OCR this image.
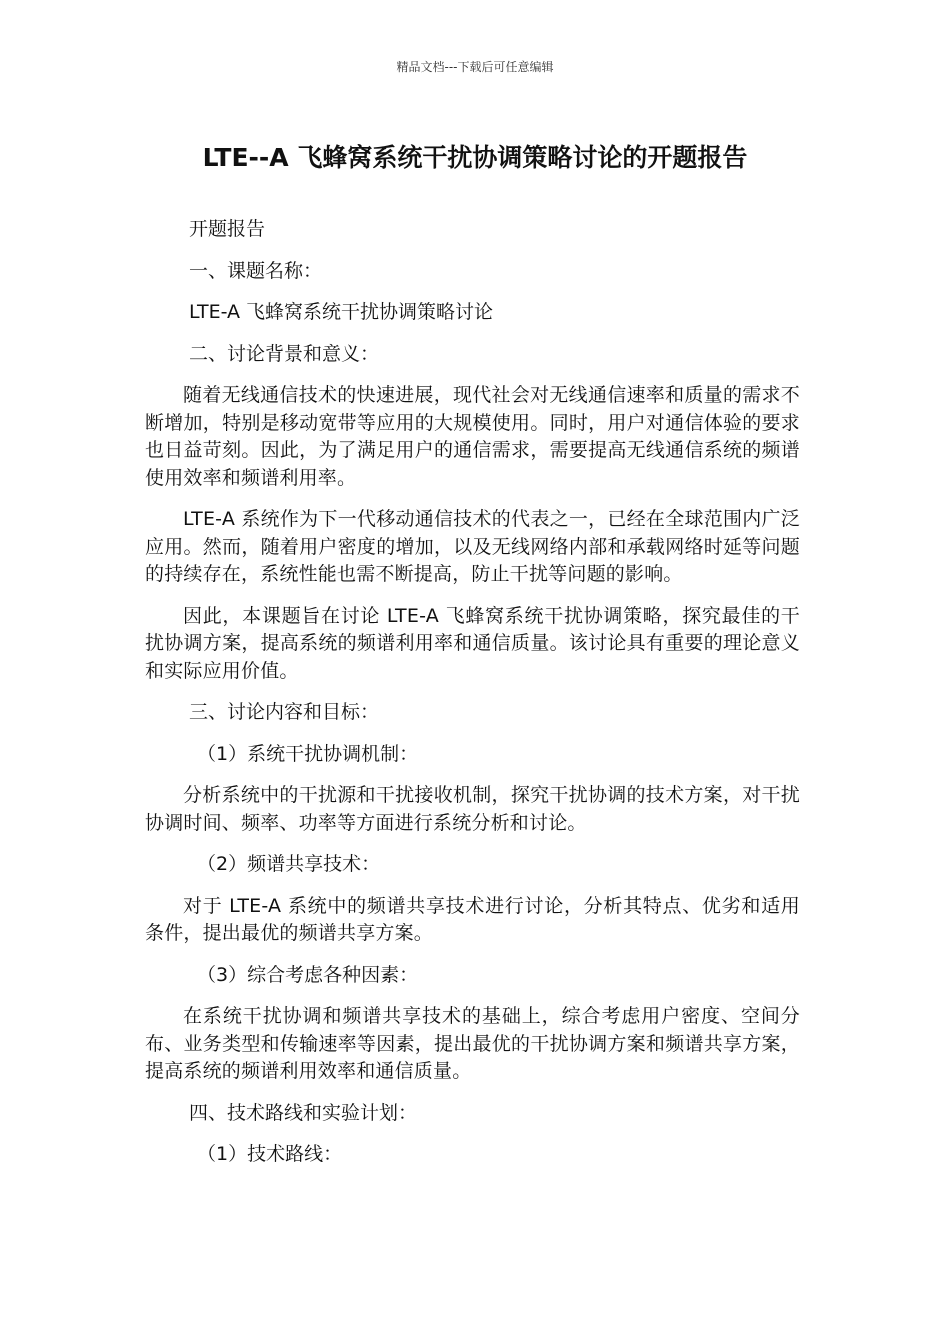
精品文档---下载后可任意编辑
LTE--A 飞蜂窝系统干扰协调策略讨论的开题报告
开题报告
一、课题名称：
LTE-A 飞蜂窝系统干扰协调策略讨论
二、讨论背景和意义：

随着无线通信技术的快速进展，现代社会对无线通信速率和质量的需求不断增加，特别是移动宽带等应用的大规模使用。同时，用户对通信体验的要求也日益苛刻。因此，为了满足用户的通信需求，需要提高无线通信系统的频谱使用效率和频谱利用率。

LTE-A 系统作为下一代移动通信技术的代表之一，已经在全球范围内广泛应用。然而，随着用户密度的增加，以及无线网络内部和承载网络时延等问题的持续存在，系统性能也需不断提高，防止干扰等问题的影响。

因此，本课题旨在讨论 LTE-A 飞蜂窝系统干扰协调策略，探究最佳的干扰协调方案，提高系统的频谱利用率和通信质量。该讨论具有重要的理论意义和实际应用价值。

三、讨论内容和目标：
（1）系统干扰协调机制：

分析系统中的干扰源和干扰接收机制，探究干扰协调的技术方案，对干扰协调时间、频率、功率等方面进行系统分析和讨论。

（2）频谱共享技术：

对于 LTE-A 系统中的频谱共享技术进行讨论，分析其特点、优劣和适用条件，提出最优的频谱共享方案。

（3）综合考虑各种因素：

在系统干扰协调和频谱共享技术的基础上，综合考虑用户密度、空间分布、业务类型和传输速率等因素，提出最优的干扰协调方案和频谱共享方案，提高系统的频谱利用效率和通信质量。

四、技术路线和实验计划：
（1）技术路线：
